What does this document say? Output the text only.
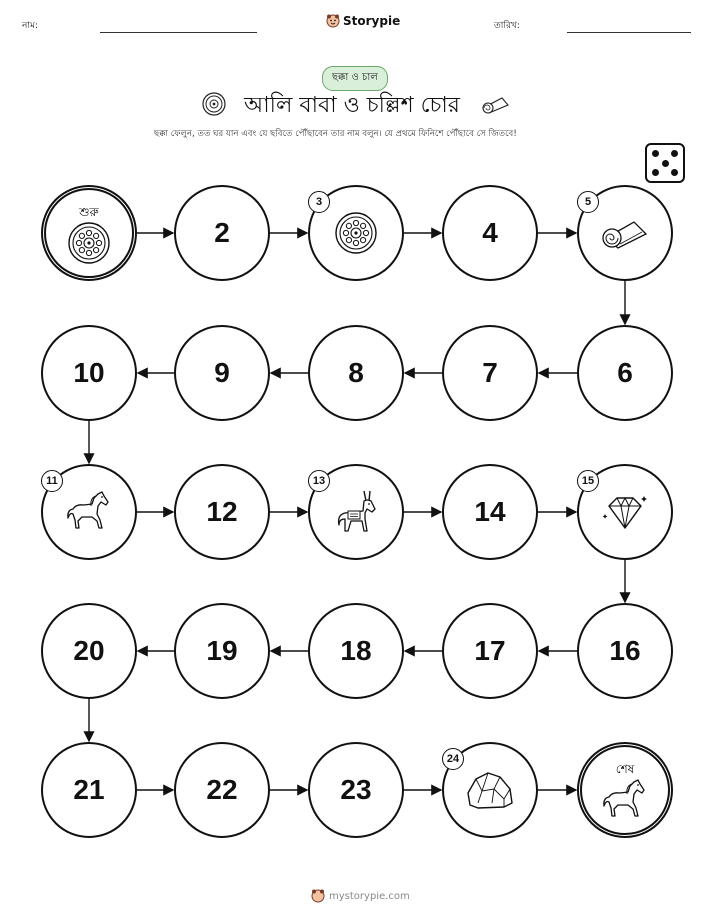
নাম:	Storypie	তারিখ:
ছক্কা ও চাল
আলি বাবা ও চল্লিশ চোর
ছক্কা ফেলুন, তত ঘর যান এবং যে ছবিতে পৌঁছাবেন তার নাম বলুন। যে প্রথমে ফিনিশে পৌঁছাবে সে জিতবে!
শুরু
2
3
4
5
6
7
8
9
10
11
12
13
14
15
16
17
18
19
20
21	22	23
24
শেষ
mystorypie.com
